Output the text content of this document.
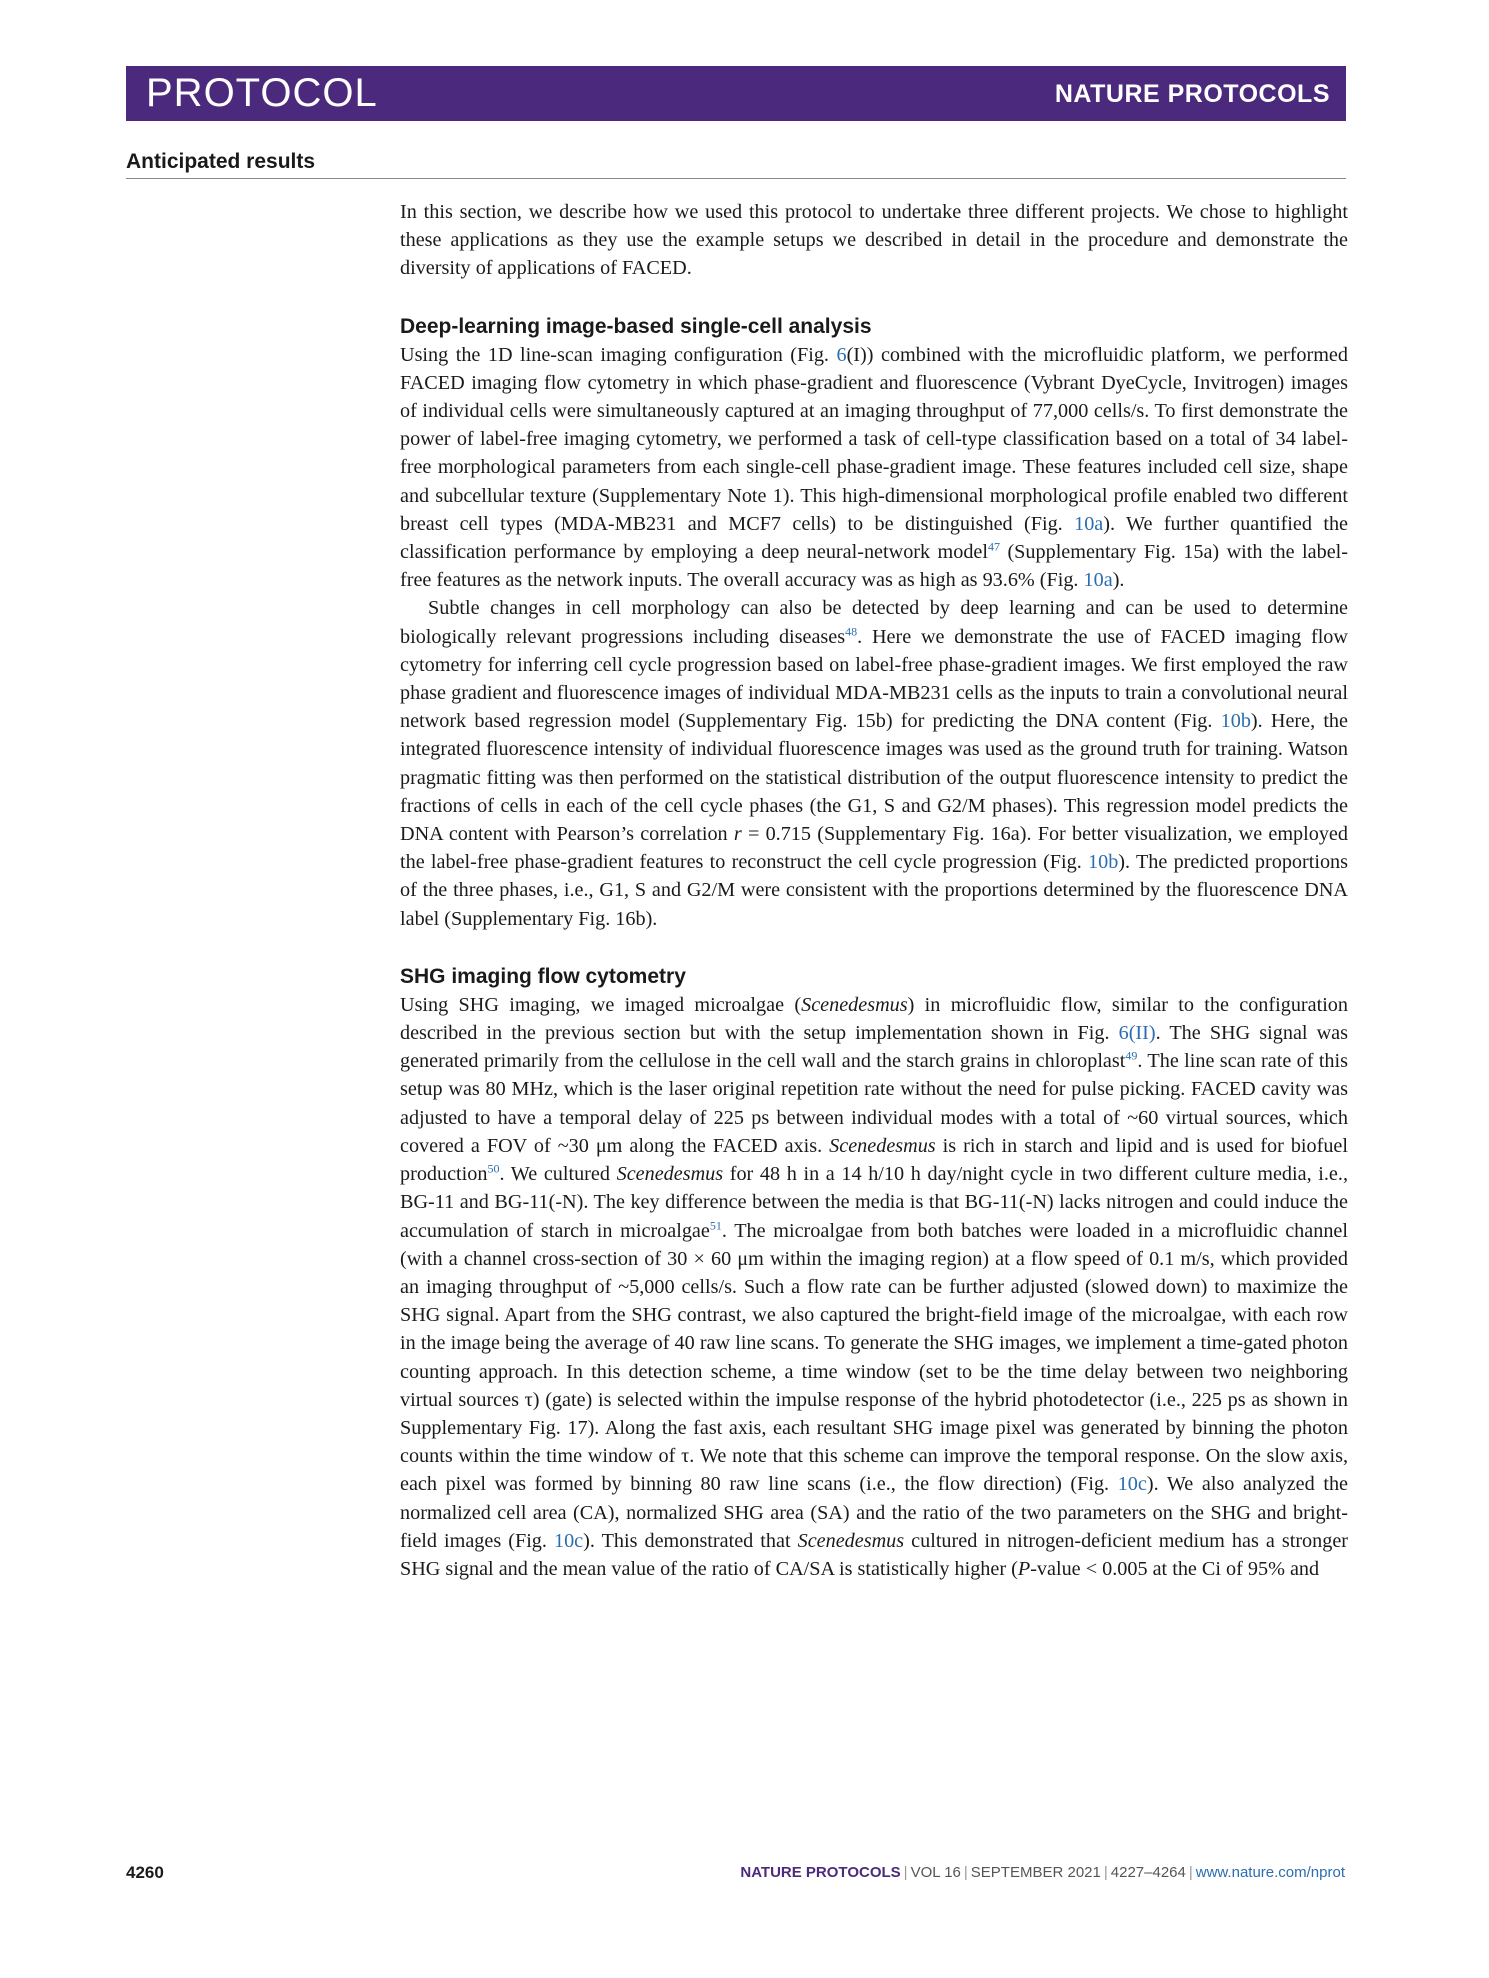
PROTOCOL	NATURE PROTOCOLS
Anticipated results

In this section, we describe how we used this protocol to undertake three different projects. We chose to highlight these applications as they use the example setups we described in detail in the procedure and demonstrate the diversity of applications of FACED.

Deep-learning image-based single-cell analysis

Using the 1D line-scan imaging configuration (Fig. 6(I)) combined with the microfluidic platform, we performed FACED imaging flow cytometry in which phase-gradient and fluorescence (Vybrant DyeCycle, Invitrogen) images of individual cells were simultaneously captured at an imaging throughput of 77,000 cells/s. To first demonstrate the power of label-free imaging cytometry, we performed a task of cell-type classification based on a total of 34 label-free morphological parameters from each single-cell phase-gradient image. These features included cell size, shape and subcellular texture (Supplementary Note 1). This high-dimensional morphological profile enabled two different breast cell types (MDA-MB231 and MCF7 cells) to be distinguished (Fig. 10a). We further quantified the classification performance by employing a deep neural-network model$^{47}$ (Supplementary Fig. 15a) with the label-free features as the network inputs. The overall accuracy was as high as 93.6% (Fig. 10a).

Subtle changes in cell morphology can also be detected by deep learning and can be used to determine biologically relevant progressions including diseases$^{48}$. Here we demonstrate the use of FACED imaging flow cytometry for inferring cell cycle progression based on label-free phase-gradient images. We first employed the raw phase gradient and fluorescence images of individual MDA-MB231 cells as the inputs to train a convolutional neural network based regression model (Supplementary Fig. 15b) for predicting the DNA content (Fig. 10b). Here, the integrated fluorescence intensity of individual fluorescence images was used as the ground truth for training. Watson pragmatic fitting was then performed on the statistical distribution of the output fluorescence intensity to predict the fractions of cells in each of the cell cycle phases (the G1, S and G2/M phases). This regression model predicts the DNA content with Pearson’s correlation r = 0.715 (Supplementary Fig. 16a). For better visualization, we employed the label-free phase-gradient features to reconstruct the cell cycle progression (Fig. 10b). The predicted proportions of the three phases, i.e., G1, S and G2/M were consistent with the proportions determined by the fluorescence DNA label (Supplementary Fig. 16b).

SHG imaging flow cytometry

Using SHG imaging, we imaged microalgae (Scenedesmus) in microfluidic flow, similar to the configuration described in the previous section but with the setup implementation shown in Fig. 6(II). The SHG signal was generated primarily from the cellulose in the cell wall and the starch grains in chloroplast$^{49}$. The line scan rate of this setup was 80 MHz, which is the laser original repetition rate without the need for pulse picking. FACED cavity was adjusted to have a temporal delay of 225 ps between individual modes with a total of ~60 virtual sources, which covered a FOV of ~30 μm along the FACED axis. Scenedesmus is rich in starch and lipid and is used for biofuel production$^{50}$. We cultured Scenedesmus for 48 h in a 14 h/10 h day/night cycle in two different culture media, i.e., BG-11 and BG-11(-N). The key difference between the media is that BG-11(-N) lacks nitrogen and could induce the accumulation of starch in microalgae$^{51}$. The microalgae from both batches were loaded in a microfluidic channel (with a channel cross-section of 30 × 60 μm within the imaging region) at a flow speed of 0.1 m/s, which provided an imaging throughput of ~5,000 cells/s. Such a flow rate can be further adjusted (slowed down) to maximize the SHG signal. Apart from the SHG contrast, we also captured the bright-field image of the microalgae, with each row in the image being the average of 40 raw line scans. To generate the SHG images, we implement a time-gated photon counting approach. In this detection scheme, a time window (set to be the time delay between two neighboring virtual sources τ) (gate) is selected within the impulse response of the hybrid photodetector (i.e., 225 ps as shown in Supplementary Fig. 17). Along the fast axis, each resultant SHG image pixel was generated by binning the photon counts within the time window of τ. We note that this scheme can improve the temporal response. On the slow axis, each pixel was formed by binning 80 raw line scans (i.e., the flow direction) (Fig. 10c). We also analyzed the normalized cell area (CA), normalized SHG area (SA) and the ratio of the two parameters on the SHG and bright-field images (Fig. 10c). This demonstrated that Scenedesmus cultured in nitrogen-deficient medium has a stronger SHG signal and the mean value of the ratio of CA/SA is statistically higher (P-value < 0.005 at the Ci of 95% and

4260	NATURE PROTOCOLS | VOL 16 | SEPTEMBER 2021 | 4227–4264 | www.nature.com/nprot
